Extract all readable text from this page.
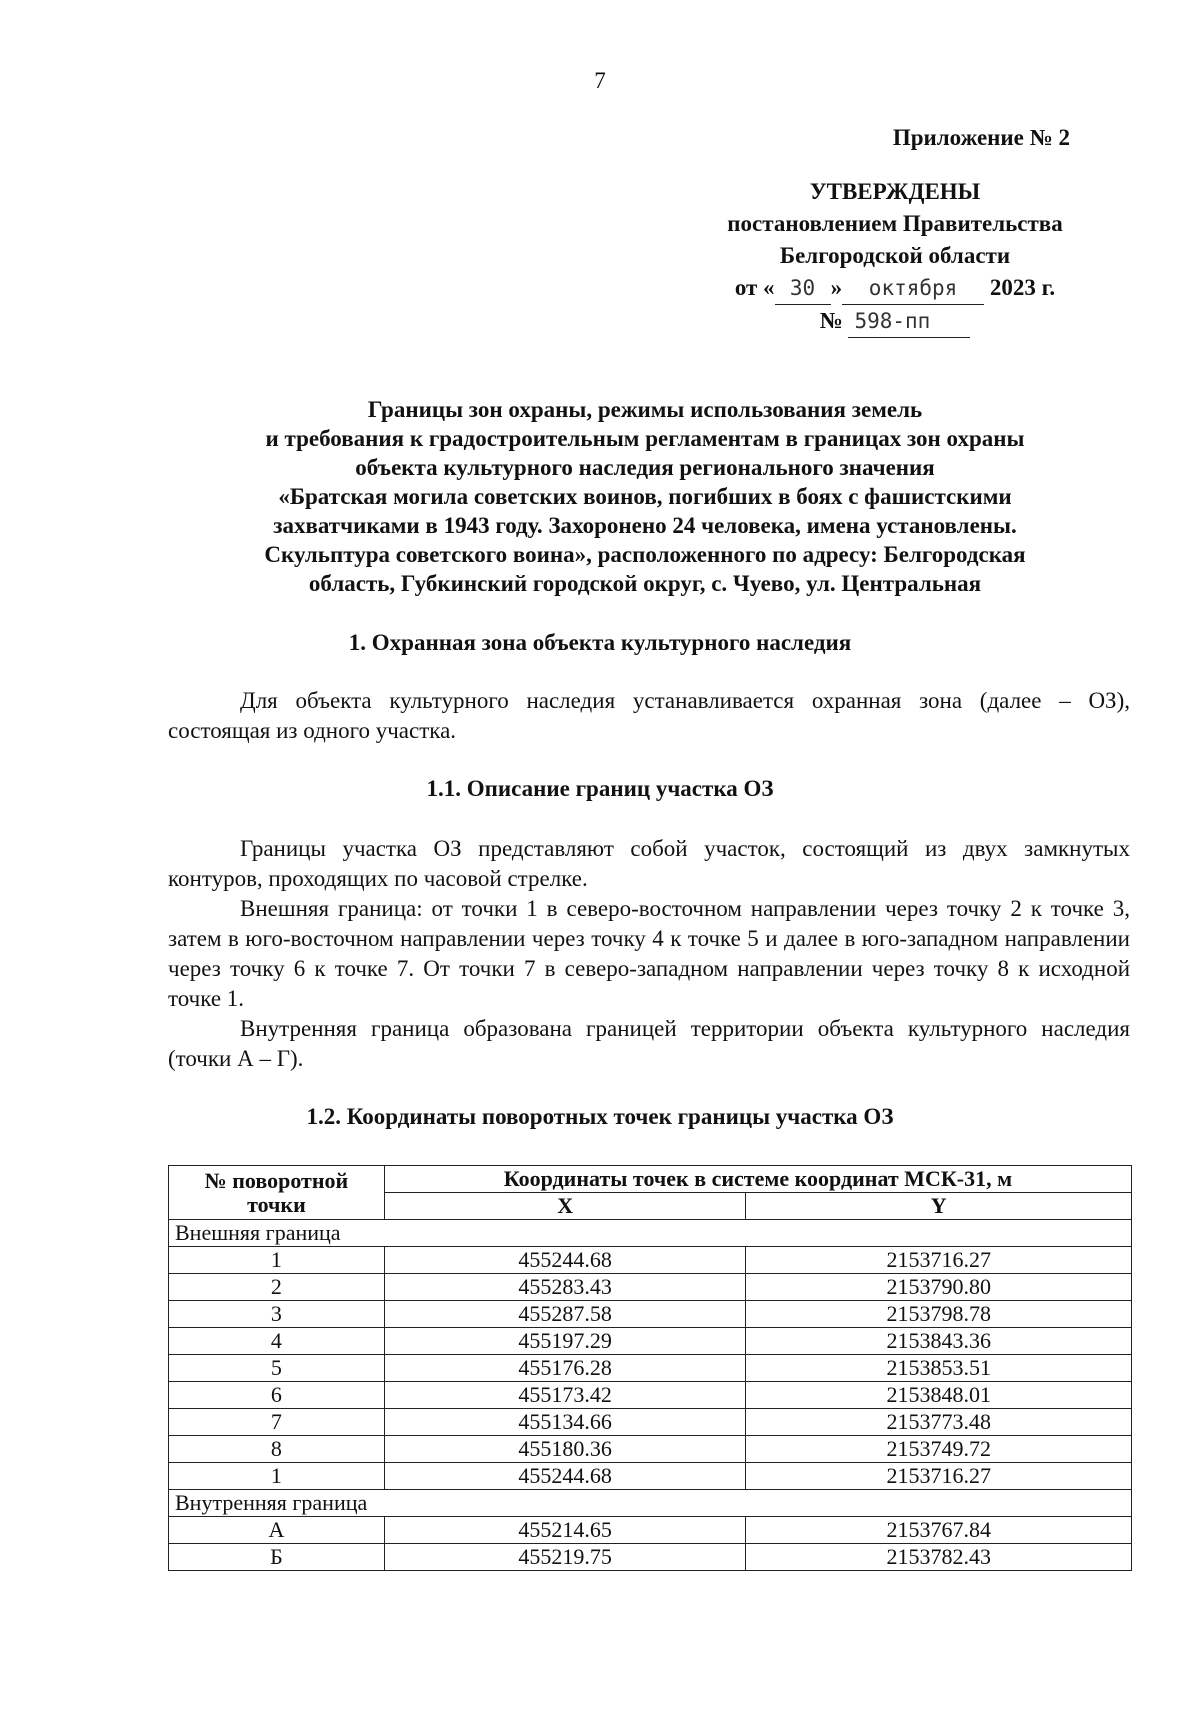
7
Приложение № 2
УТВЕРЖДЕНЫ
постановлением Правительства
Белгородской области
от « 30 » октября 2023 г.
№ 598-пп
Границы зон охраны, режимы использования земель
и требования к градостроительным регламентам в границах зон охраны
объекта культурного наследия регионального значения
«Братская могила советских воинов, погибших в боях с фашистскими
захватчиками в 1943 году. Захоронено 24 человека, имена установлены.
Скульптура советского воина», расположенного по адресу: Белгородская
область, Губкинский городской округ, с. Чуево, ул. Центральная
1. Охранная зона объекта культурного наследия

Для объекта культурного наследия устанавливается охранная зона (далее – ОЗ), состоящая из одного участка.

1.1. Описание границ участка ОЗ

Границы участка ОЗ представляют собой участок, состоящий из двух замкнутых контуров, проходящих по часовой стрелке.

Внешняя граница: от точки 1 в северо-восточном направлении через точку 2 к точке 3, затем в юго-восточном направлении через точку 4 к точке 5 и далее в юго-западном направлении через точку 6 к точке 7. От точки 7 в северо-западном направлении через точку 8 к исходной точке 1.

Внутренняя граница образована границей территории объекта культурного наследия (точки А – Г).

1.2. Координаты поворотных точек границы участка ОЗ
№ поворотной точки	Координаты точек в системе координат МСК-31, м	
	X	Y
Внешняя граница		
1	455244.68	2153716.27
2	455283.43	2153790.80
3	455287.58	2153798.78
4	455197.29	2153843.36
5	455176.28	2153853.51
6	455173.42	2153848.01
7	455134.66	2153773.48
8	455180.36	2153749.72
1	455244.68	2153716.27
Внутренняя граница		
А	455214.65	2153767.84
Б	455219.75	2153782.43
